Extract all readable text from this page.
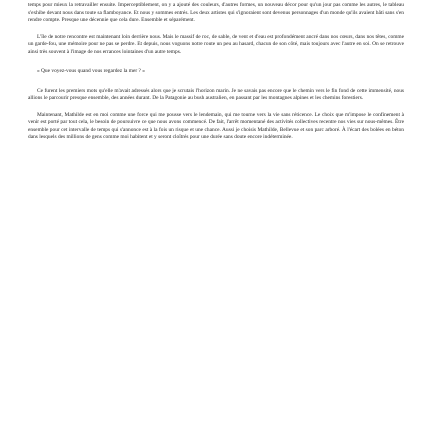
temps pour mieux la retravailler ensuite. Imperceptiblement, on y a ajouté des couleurs, d'autres formes, un nouveau décor pour qu'un jour pas comme les autres, le tableau s'exhibe devant nous dans toute sa flamboyance. Et nous y sommes entrés. Les deux artistes qui s'ignoraient sont devenus personnages d'un monde qu'ils avaient bâti sans s'en rendre compte. Presque une décennie que cela dure. Ensemble et séparément.

L'île de notre rencontre est maintenant loin derrière nous. Mais le massif de roc, de sable, de vent et d'eau est profondément ancré dans nos cœurs, dans nos têtes, comme un garde-fou, une mémoire pour ne pas se perdre. Et depuis, nous voguons notre route un peu au hasard, chacun de son côté, mais toujours avec l'autre en soi. On se retrouve ainsi très souvent à l'image de nos errances lointaines d'un autre temps.

« Que voyez-vous quand vous regardez la mer ? »

Ce furent les premiers mots qu'elle m'avait adressés alors que je scrutais l'horizon marin. Je ne savais pas encore que le chemin vers le fin fond de cette immensité, nous allions le parcourir presque ensemble, des années durant. De la Patagonie au bush australien, en passant par les montagnes alpines et les chemins forestiers.

Maintenant, Mathilde est en moi comme une force qui me pousse vers le lendemain, qui me tourne vers la vie sans réticence. Le choix que m'impose le confinement à venir est porté par tout cela, le besoin de poursuivre ce que nous avons commencé. De fait, l'arrêt momentané des activités collectives recentre nos vies sur nous-mêmes. Être ensemble pour cet intervalle de temps qui s'annonce est à la fois un risque et une chance. Aussi je choisis Mathilde, Bellevue et son parc arboré. À l'écart des bolées en béton dans lesquels des millions de gens comme moi habitent et y seront cloîtrés pour une durée sans doute encore indéterminée.
